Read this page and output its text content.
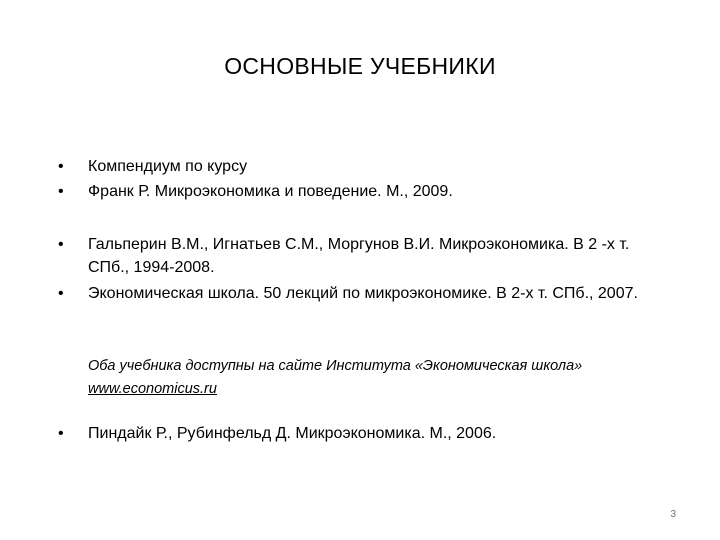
ОСНОВНЫЕ УЧЕБНИКИ
•	Компендиум по курсу
•	Франк Р. Микроэкономика и поведение. М., 2009.
•	Гальперин В.М., Игнатьев С.М., Моргунов В.И. Микроэкономика. В 2 -х т. СПб., 1994-2008.
•	Экономическая школа. 50 лекций по микроэкономике. В 2-х т. СПб., 2007.
Оба учебника доступны на сайте Института «Экономическая школа»
www.economicus.ru
•	Пиндайк Р., Рубинфельд Д. Микроэкономика. М., 2006.
3
